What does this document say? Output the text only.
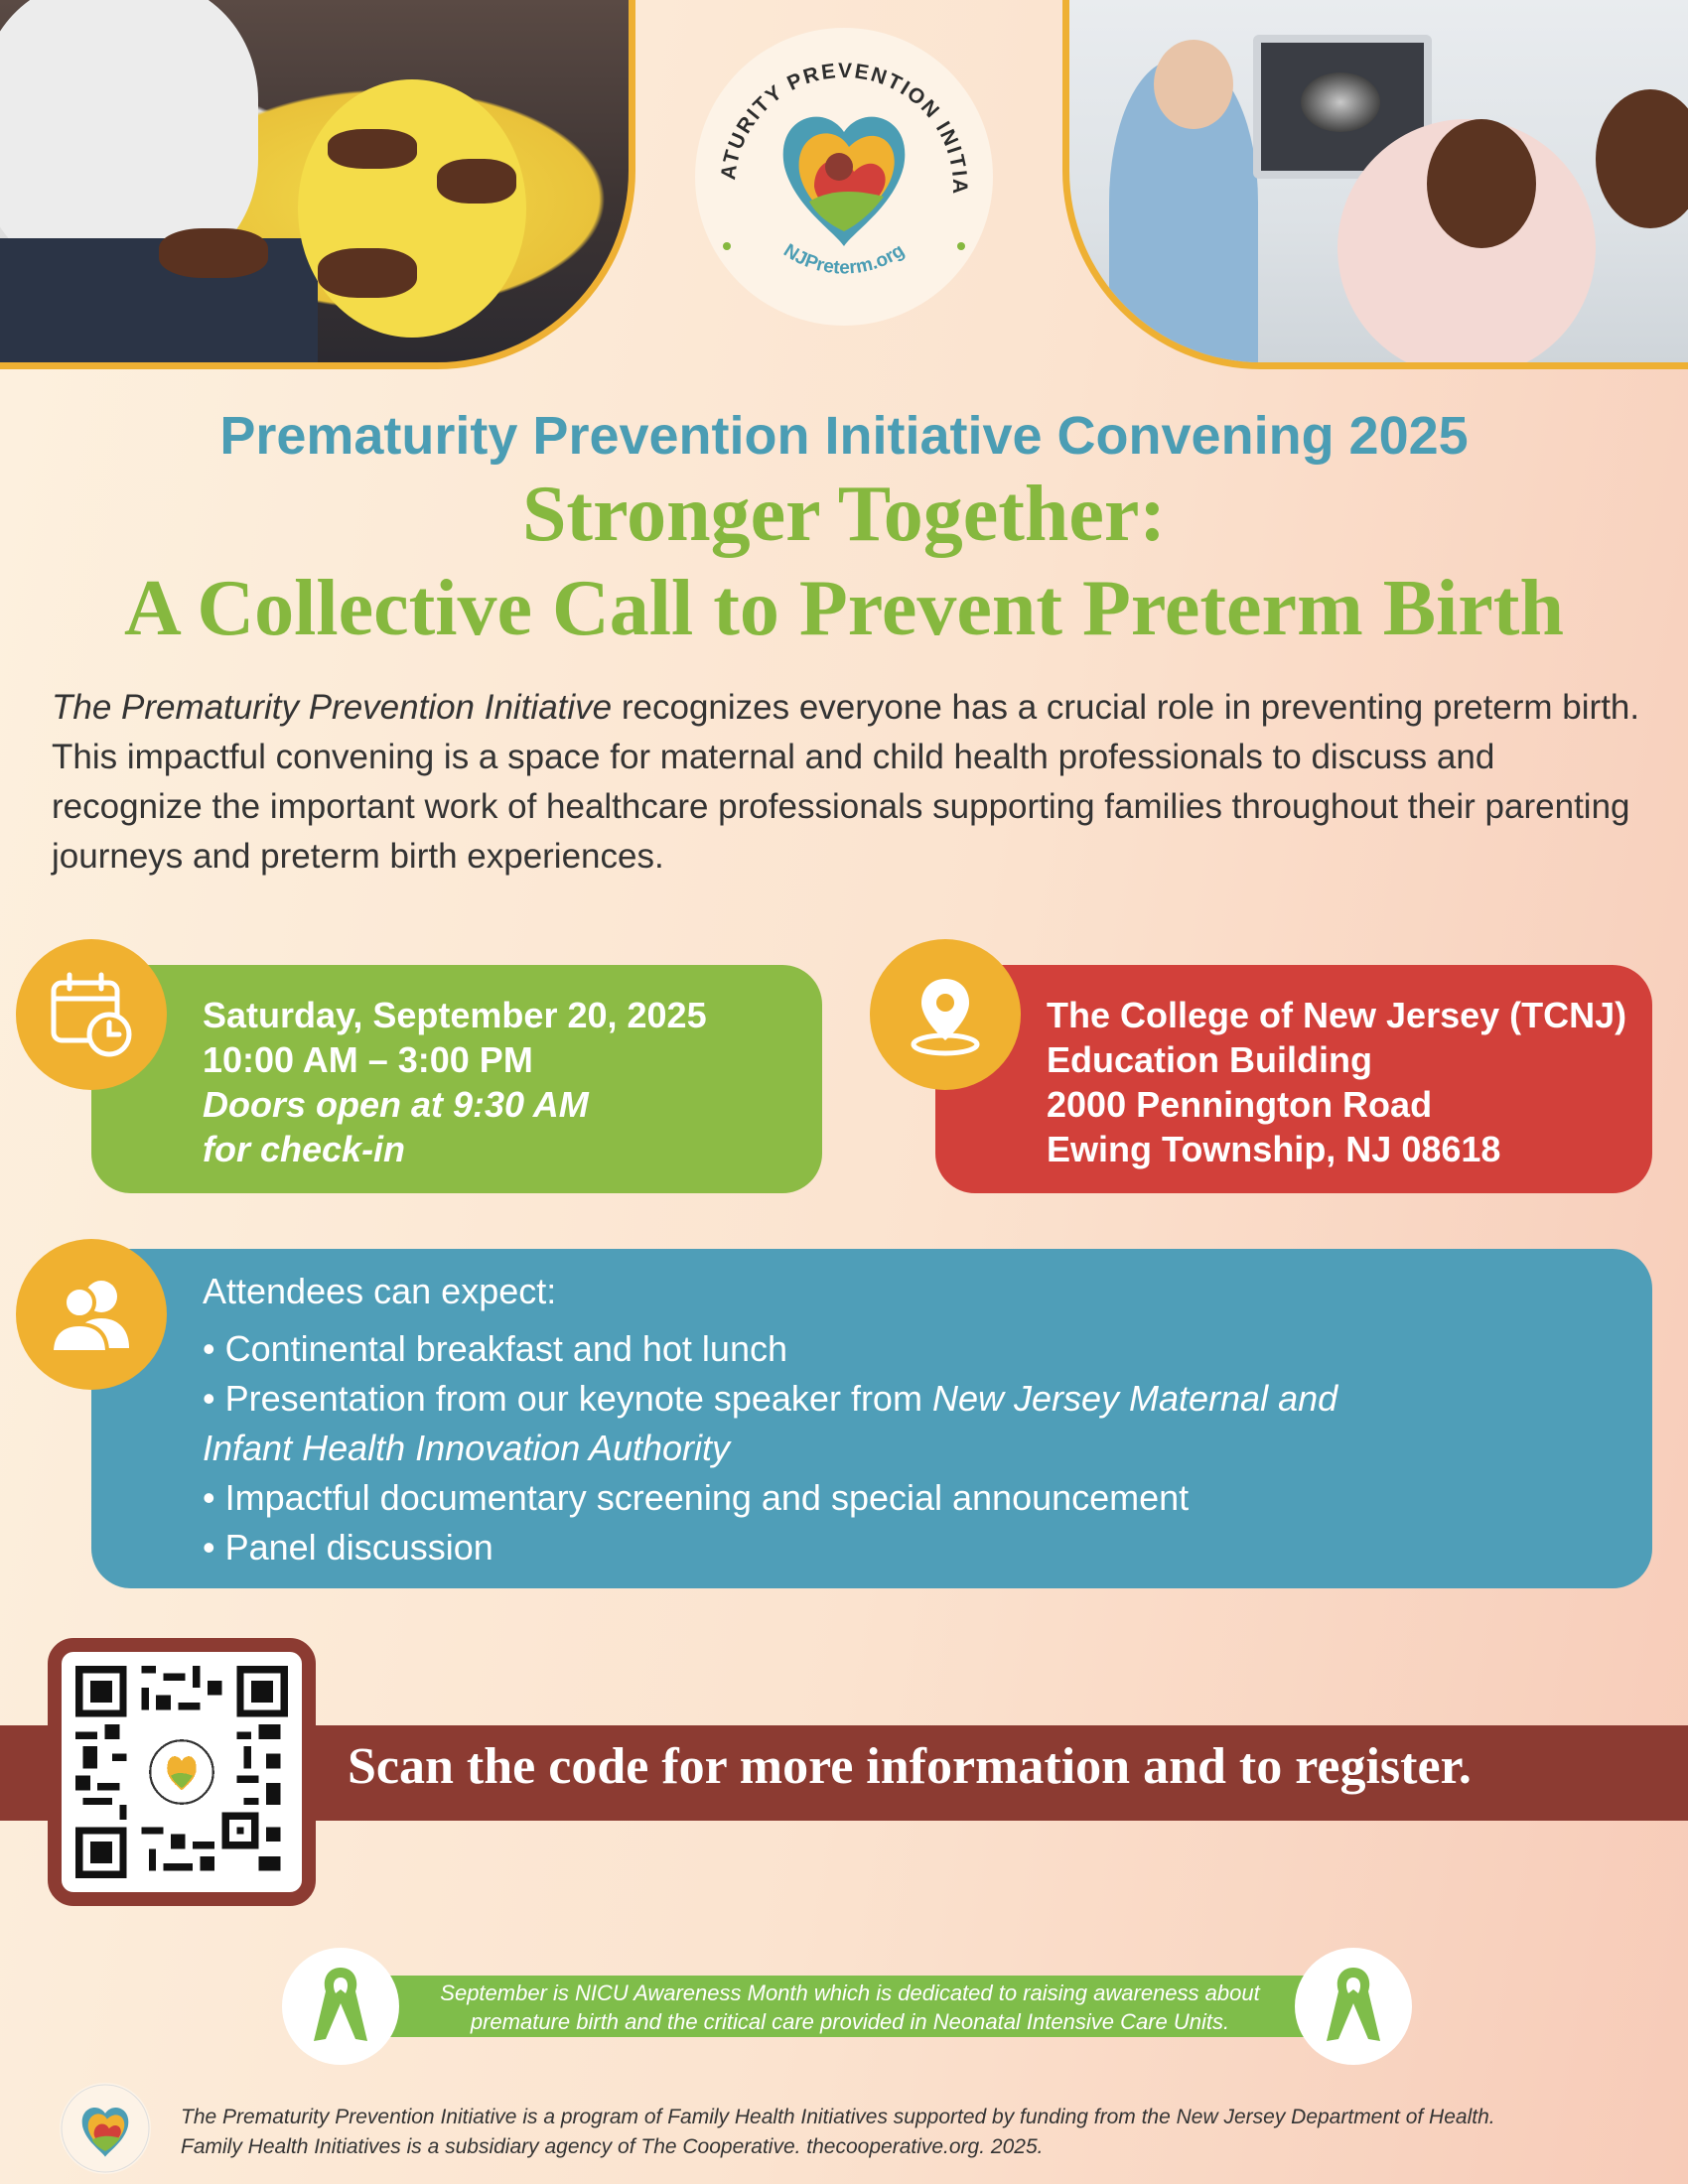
ATURITY PREVENTION INITIA
NJPreterm.org
Prematurity Prevention Initiative Convening 2025
Stronger Together:
A Collective Call to Prevent Preterm Birth

The Prematurity Prevention Initiative recognizes everyone has a crucial role in preventing preterm birth. This impactful convening is a space for maternal and child health professionals to discuss and recognize the important work of healthcare professionals supporting families throughout their parenting journeys and preterm birth experiences.

Saturday, September 20, 2025
10:00 AM – 3:00 PM
Doors open at 9:30 AM
for check-in
The College of New Jersey (TCNJ)
Education Building
2000 Pennington Road
Ewing Township, NJ 08618
Attendees can expect:
• Continental breakfast and hot lunch
• Presentation from our keynote speaker from New Jersey Maternal and
Infant Health Innovation Authority
• Impactful documentary screening and special announcement
• Panel discussion
Scan the code for more information and to register.
September is NICU Awareness Month which is dedicated to raising awareness about
premature birth and the critical care provided in Neonatal Intensive Care Units.
The Prematurity Prevention Initiative is a program of Family Health Initiatives supported by funding from the New Jersey Department of Health.
Family Health Initiatives is a subsidiary agency of The Cooperative. thecooperative.org. 2025.
